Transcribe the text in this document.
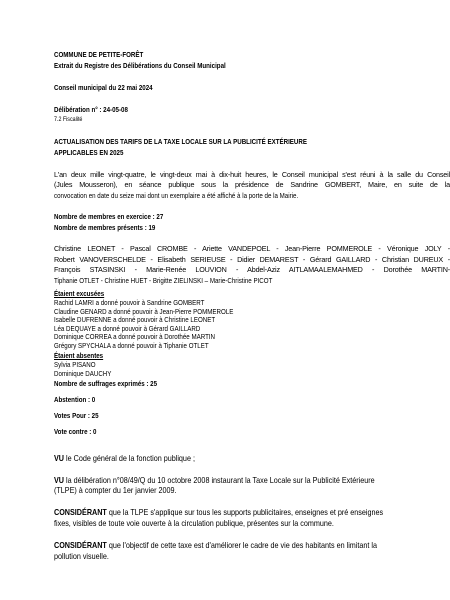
COMMUNE DE PETITE-FORÊT
Extrait du Registre des Délibérations du Conseil Municipal
Conseil municipal du 22 mai 2024
Délibération n° : 24-05-08
7.2 Fiscalité
ACTUALISATION DES TARIFS DE LA TAXE LOCALE SUR LA PUBLICITÉ EXTÉRIEURE
APPLICABLES EN 2025
L'an deux mille vingt-quatre, le vingt-deux mai à dix-huit heures, le Conseil municipal s'est réuni à la salle du Conseil
(Jules Mousseron), en séance publique sous la présidence de Sandrine GOMBERT, Maire, en suite de la
convocation en date du seize mai dont un exemplaire a été affiché à la porte de la Mairie.
Nombre de membres en exercice : 27
Nombre de membres présents : 19
Christine LEONET - Pascal CROMBE - Ariette VANDEPOEL - Jean-Pierre POMMEROLE - Véronique JOLY -
Robert VANOVERSCHELDE - Elisabeth SERIEUSE - Didier DEMAREST - Gérard GAILLARD - Christian DUREUX -
François STASINSKI - Marie-Renée LOUVION - Abdel-Aziz AITLAMAALEMAHMED - Dorothée MARTIN-
Tiphanie OTLET - Christine HUET - Brigitte ZIELINSKI – Marie-Christine PICOT
Étaient excusées
Rachid LAMRI a donné pouvoir à Sandrine GOMBERT
Claudine GENARD a donné pouvoir à Jean-Pierre POMMEROLE
Isabelle DUFRENNE a donné pouvoir à Christine LEONET
Léa DEQUAYE a donné pouvoir à Gérard GAILLARD
Dominique CORREA a donné pouvoir à Dorothée MARTIN
Grégory SPYCHALA a donné pouvoir à Tiphanie OTLET
Étaient absentes
Sylvia PISANO
Dominique DAUCHY
Nombre de suffrages exprimés : 25
Abstention : 0
Votes Pour : 25
Vote contre : 0
VU le Code général de la fonction publique ;
VU la délibération n°08/49/Q du 10 octobre 2008 instaurant la Taxe Locale sur la Publicité Extérieure
(TLPE) à compter du 1er janvier 2009.
CONSIDÉRANT que la TLPE s'applique sur tous les supports publicitaires, enseignes et pré enseignes
fixes, visibles de toute voie ouverte à la circulation publique, présentes sur la commune.
CONSIDÉRANT que l'objectif de cette taxe est d'améliorer le cadre de vie des habitants en limitant la
pollution visuelle.
